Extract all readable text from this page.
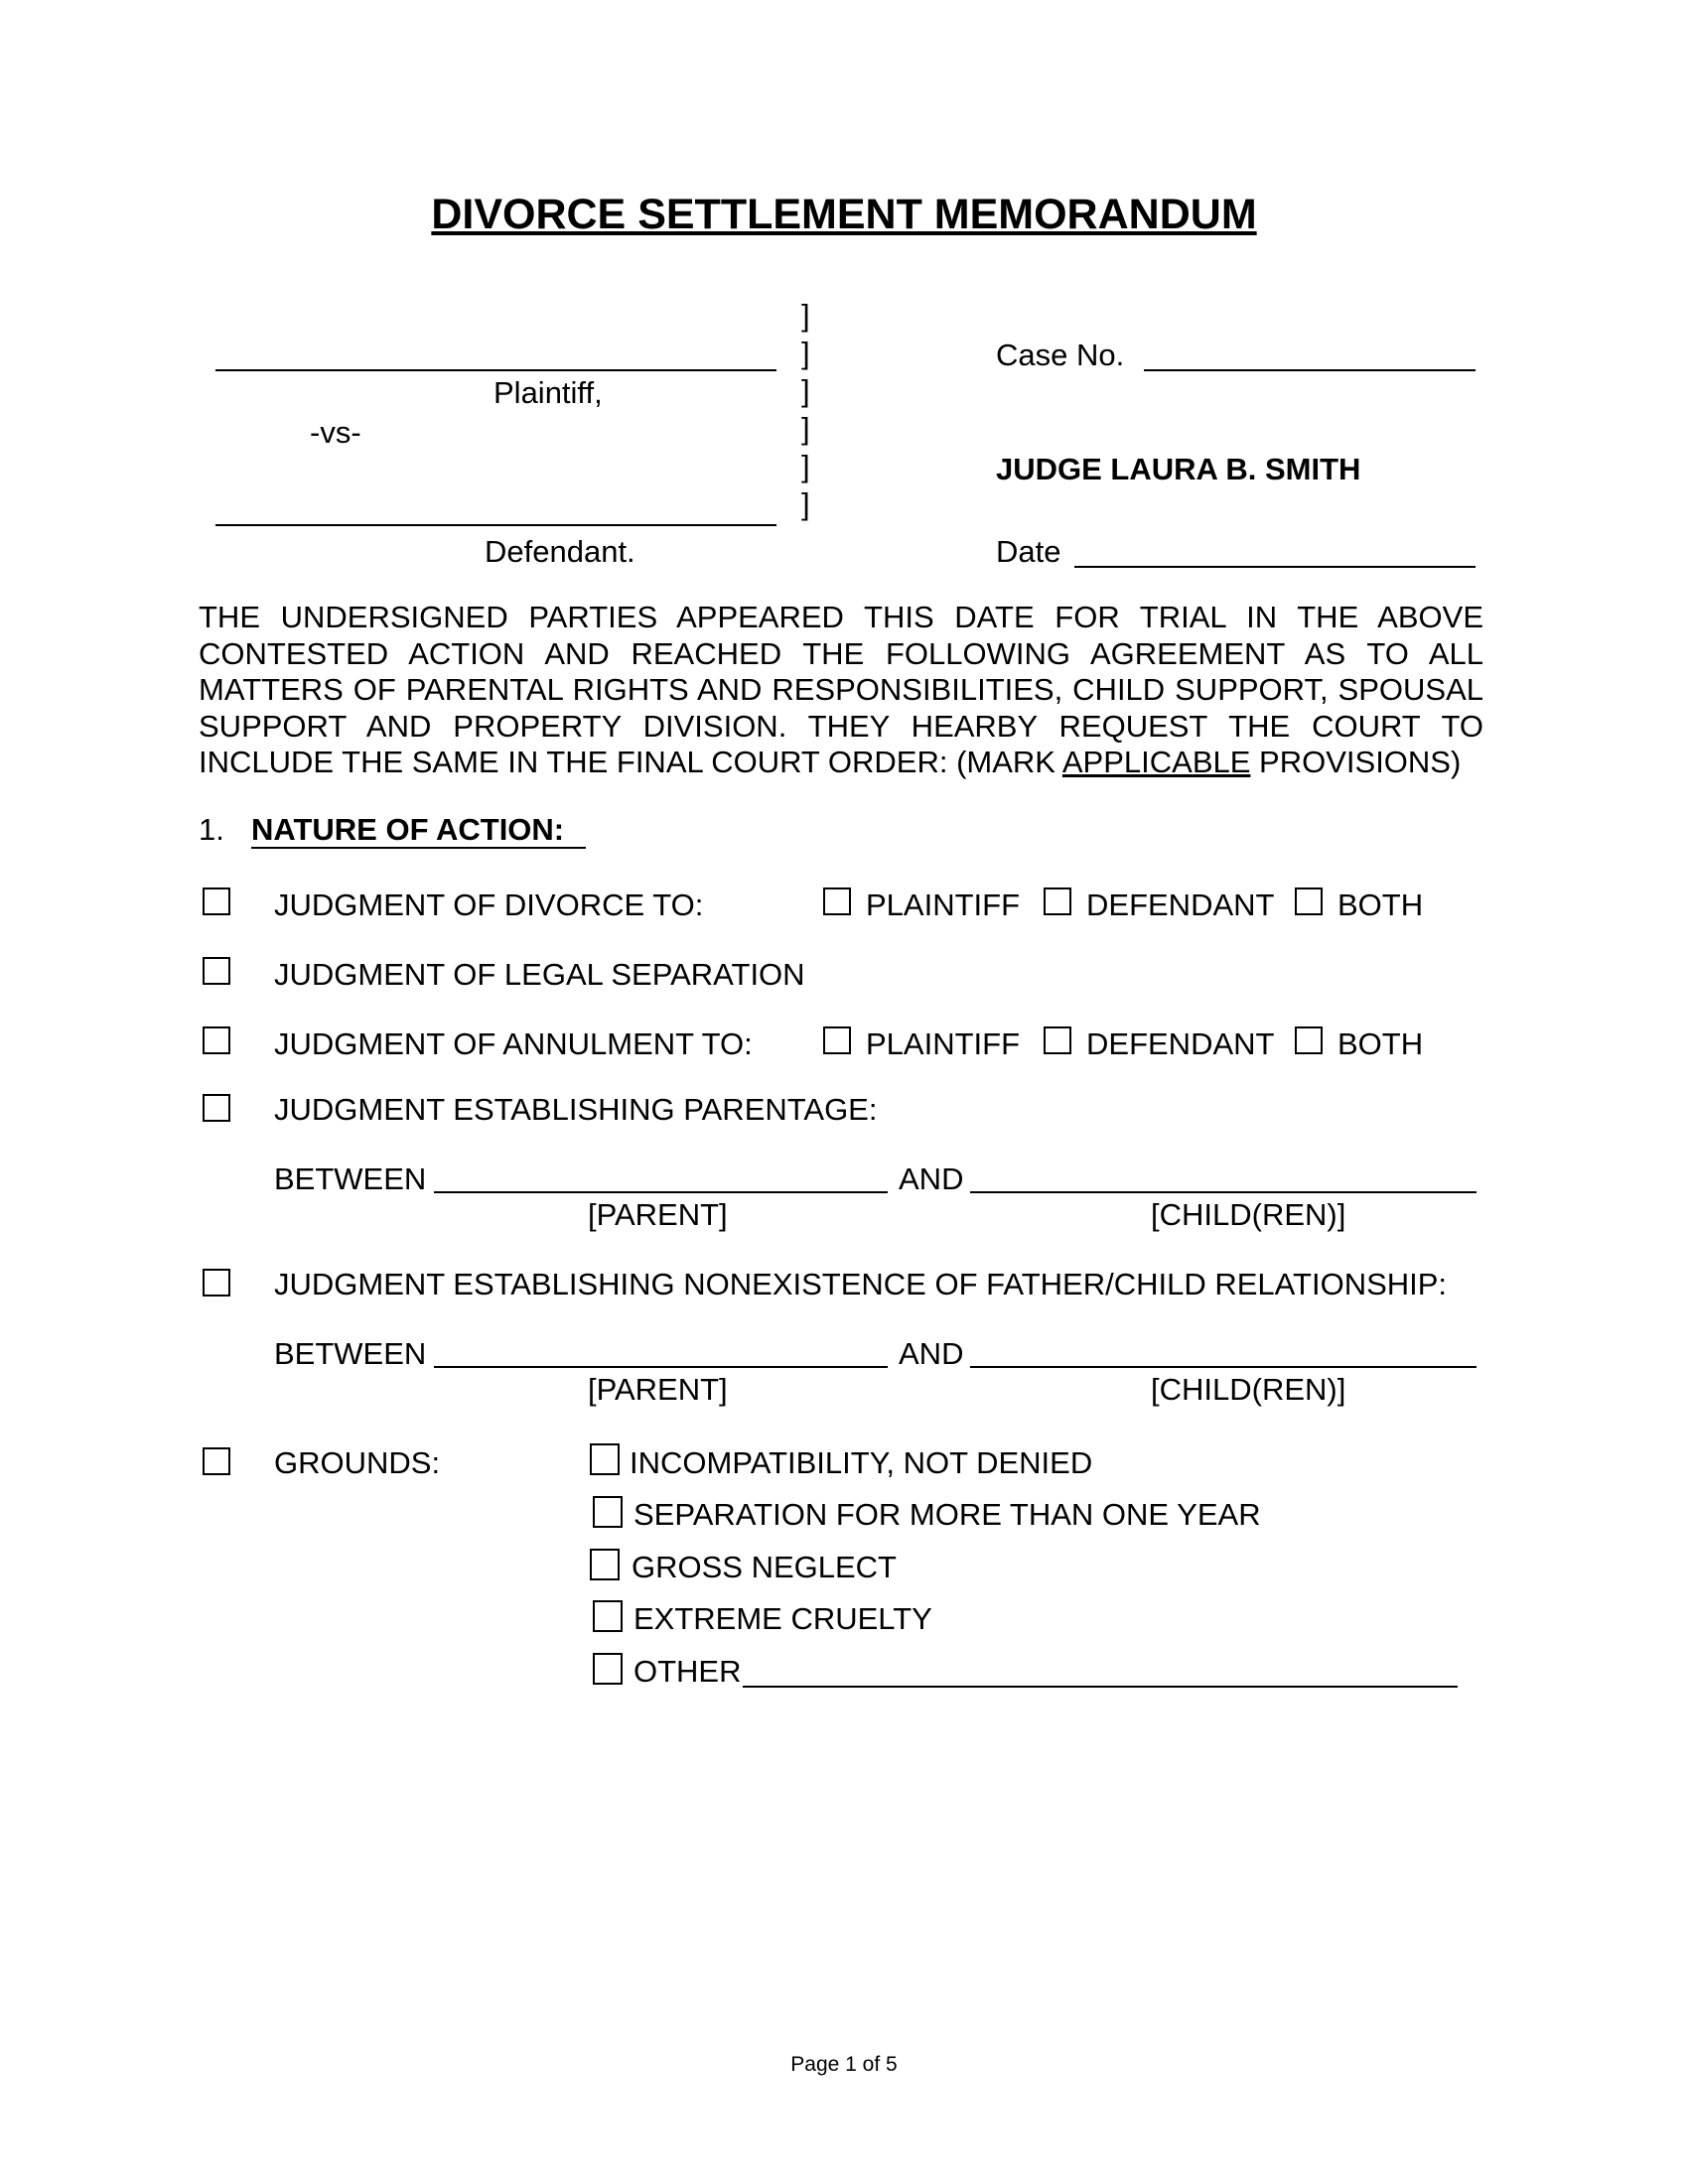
DIVORCE SETTLEMENT MEMORANDUM
]
]
]
]
]
]
Plaintiff,
-vs-
Defendant.
Case No.
JUDGE LAURA B. SMITH
Date
THE UNDERSIGNED PARTIES APPEARED THIS DATE FOR TRIAL IN THE ABOVE CONTESTED ACTION AND REACHED THE FOLLOWING AGREEMENT AS TO ALL MATTERS OF PARENTAL RIGHTS AND RESPONSIBILITIES, CHILD SUPPORT, SPOUSAL SUPPORT AND PROPERTY DIVISION. THEY HEARBY REQUEST THE COURT TO INCLUDE THE SAME IN THE FINAL COURT ORDER: (MARK APPLICABLE PROVISIONS)
1. NATURE OF ACTION:
JUDGMENT OF DIVORCE TO:	PLAINTIFF DEFENDANT BOTH
JUDGMENT OF LEGAL SEPARATION
JUDGMENT OF ANNULMENT TO:	PLAINTIFF DEFENDANT BOTH
JUDGMENT ESTABLISHING PARENTAGE:
BETWEEN	AND
[PARENT]	[CHILD(REN)]
JUDGMENT ESTABLISHING NONEXISTENCE OF FATHER/CHILD RELATIONSHIP:
BETWEEN	AND
[PARENT]	[CHILD(REN)]
GROUNDS:	INCOMPATIBILITY, NOT DENIED
SEPARATION FOR MORE THAN ONE YEAR
GROSS NEGLECT
EXTREME CRUELTY
OTHER
Page 1 of 5
